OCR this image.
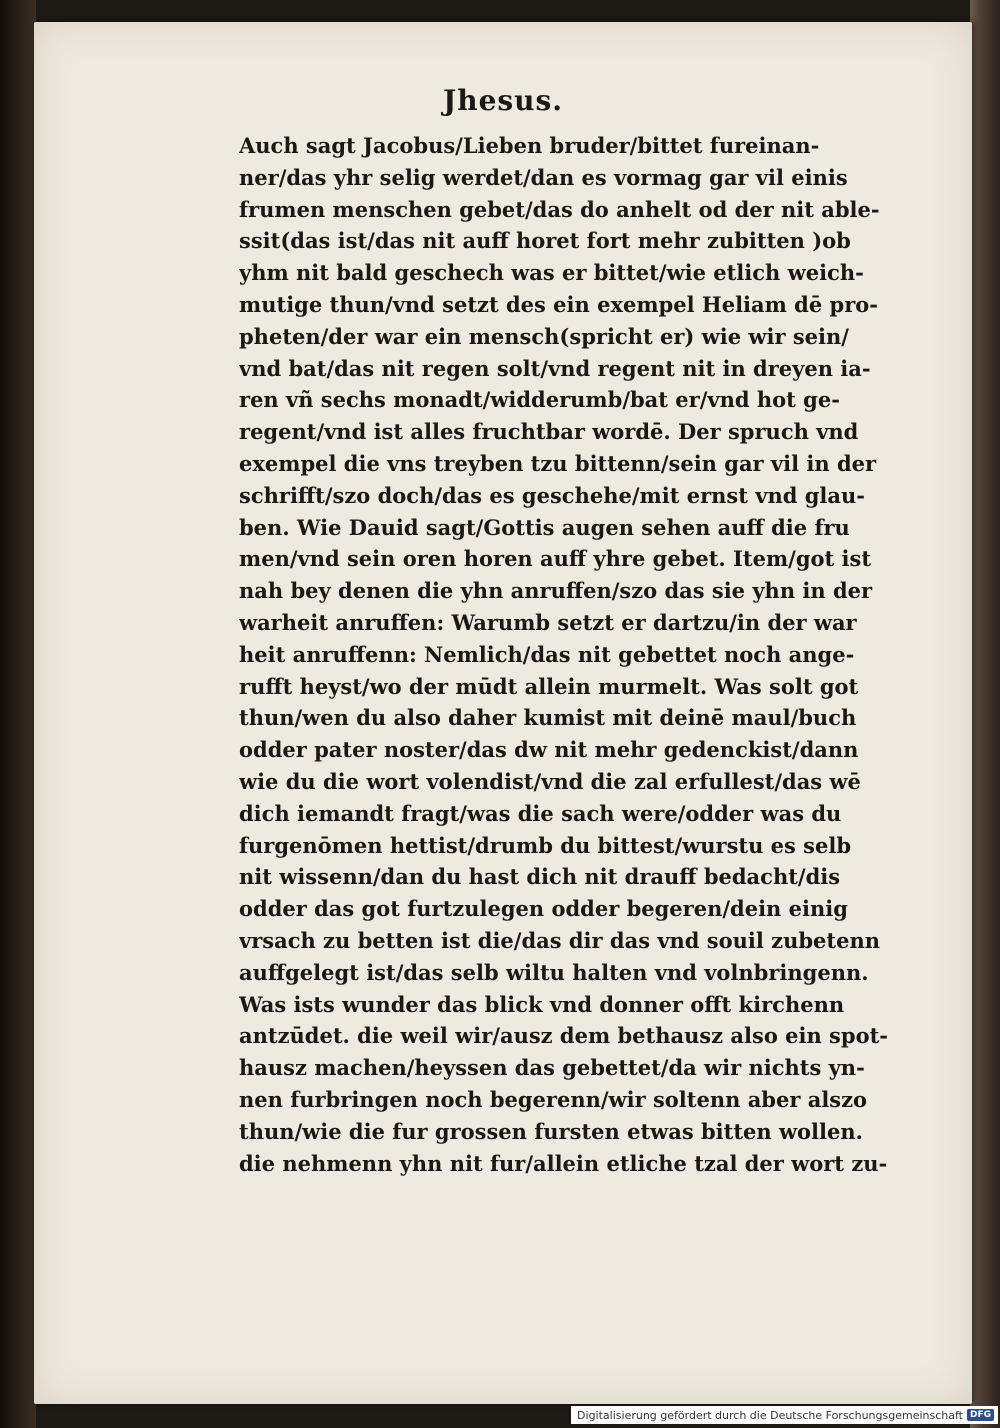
Jhesus.
Auch sagt Jacobus/Lieben bruder/bittet fureinan-
ner/das yhr selig werdet/dan es vormag gar vil einis
frumen menschen gebet/das do anhelt od der nit able-
ssit(das ist/das nit auff horet fort mehr zubitten )ob
yhm nit bald geschech was er bittet/wie etlich weich-
mutige thun/vnd setzt des ein exempel Heliam dē pro-
pheten/der war ein mensch(spricht er) wie wir sein/
vnd bat/das nit regen solt/vnd regent nit in dreyen ia-
ren vñ sechs monadt/widderumb/bat er/vnd hot ge-
regent/vnd ist alles fruchtbar wordē. Der spruch vnd
exempel die vns treyben tzu bittenn/sein gar vil in der
schrifft/szo doch/das es geschehe/mit ernst vnd glau-
ben. Wie Dauid sagt/Gottis augen sehen auff die fru
men/vnd sein oren horen auff yhre gebet. Item/got ist
nah bey denen die yhn anruffen/szo das sie yhn in der
warheit anruffen: Warumb setzt er dartzu/in der war
heit anruffenn: Nemlich/das nit gebettet noch ange-
rufft heyst/wo der mūdt allein murmelt. Was solt got
thun/wen du also daher kumist mit deinē maul/buch
odder pater noster/das dw nit mehr gedenckist/dann
wie du die wort volendist/vnd die zal erfullest/das wē
dich iemandt fragt/was die sach were/odder was du
furgenōmen hettist/drumb du bittest/wurstu es selb
nit wissenn/dan du hast dich nit drauff bedacht/dis
odder das got furtzulegen odder begeren/dein einig
vrsach zu betten ist die/das dir das vnd souil zubetenn
auffgelegt ist/das selb wiltu halten vnd volnbringenn.
Was ists wunder das blick vnd donner offt kirchenn
antzūdet. die weil wir/ausz dem bethausz also ein spot-
hausz machen/heyssen das gebettet/da wir nichts yn-
nen furbringen noch begerenn/wir soltenn aber alszo
thun/wie die fur grossen fursten etwas bitten wollen.
die nehmenn yhn nit fur/allein etliche tzal der wort zu-
Digitalisierung gefördert durch die Deutsche Forschungsgemeinschaft DFG
